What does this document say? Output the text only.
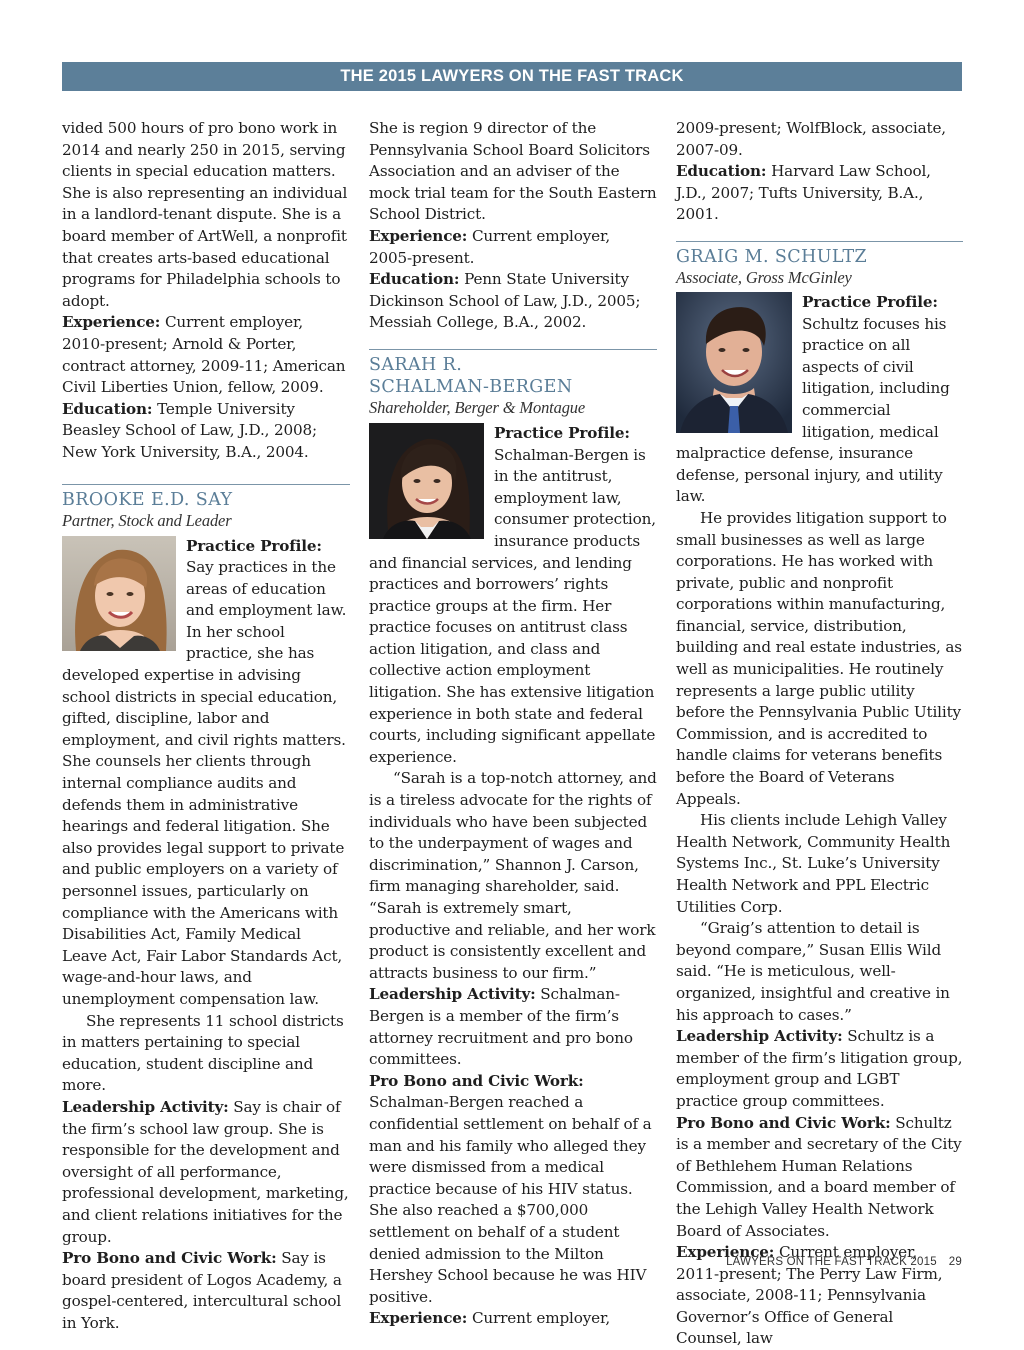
THE 2015 LAWYERS ON THE FAST TRACK

vided 500 hours of pro bono work in 2014 and nearly 250 in 2015, serving clients in special education matters. She is also representing an individual in a landlord-tenant dispute. She is a board member of ArtWell, a nonprofit that creates arts-based educational programs for Philadelphia schools to adopt.

Experience: Current employer, 2010-present; Arnold & Porter, contract attorney, 2009-11; American Civil Liberties Union, fellow, 2009.

Education: Temple University Beasley School of Law, J.D., 2008; New York University, B.A., 2004.

BROOKE E.D. SAY
Partner, Stock and Leader

Practice Profile: Say practices in the areas of education and employment law. In her school practice, she has developed expertise in advising school districts in special education, gifted, discipline, labor and employment, and civil rights matters. She counsels her clients through internal compliance audits and defends them in administrative hearings and federal litigation. She also provides legal support to private and public employers on a variety of personnel issues, particularly on compliance with the Americans with Disabilities Act, Family Medical Leave Act, Fair Labor Standards Act, wage-and-hour laws, and unemployment compensation law.

She represents 11 school districts in matters pertaining to special education, student discipline and more.

Leadership Activity: Say is chair of the firm’s school law group. She is responsible for the development and oversight of all performance, professional development, marketing, and client relations initiatives for the group.

Pro Bono and Civic Work: Say is board president of Logos Academy, a gospel-centered, intercultural school in York.

She is region 9 director of the Pennsylvania School Board Solicitors Association and an adviser of the mock trial team for the South Eastern School District.

Experience: Current employer, 2005-present.

Education: Penn State University Dickinson School of Law, J.D., 2005; Messiah College, B.A., 2002.

SARAH R.
SCHALMAN-BERGEN
Shareholder, Berger & Montague

Practice Profile: Schalman-Bergen is in the antitrust, employment law, consumer protection, insurance products and financial services, and lending practices and borrowers’ rights practice groups at the firm. Her practice focuses on antitrust class action litigation, and class and collective action employment litigation. She has extensive litigation experience in both state and federal courts, including significant appellate experience.

“Sarah is a top-notch attorney, and is a tireless advocate for the rights of individuals who have been subjected to the underpayment of wages and discrimination,” Shannon J. Carson, firm managing shareholder, said. “Sarah is extremely smart, productive and reliable, and her work product is consistently excellent and attracts business to our firm.”

Leadership Activity: Schalman-Bergen is a member of the firm’s attorney recruitment and pro bono committees.

Pro Bono and Civic Work: Schalman-Bergen reached a confidential settlement on behalf of a man and his family who alleged they were dismissed from a medical practice because of his HIV status. She also reached a $700,000 settlement on behalf of a student denied admission to the Milton Hershey School because he was HIV positive.

Experience: Current employer,

2009-present; WolfBlock, associate, 2007-09.

Education: Harvard Law School, J.D., 2007; Tufts University, B.A., 2001.

GRAIG M. SCHULTZ
Associate, Gross McGinley

Practice Profile: Schultz focuses his practice on all aspects of civil litigation, including commercial litigation, medical malpractice defense, insurance defense, personal injury, and utility law.

He provides litigation support to small businesses as well as large corporations. He has worked with private, public and nonprofit corporations within manufacturing, financial, service, distribution, building and real estate industries, as well as municipalities. He routinely represents a large public utility before the Pennsylvania Public Utility Commission, and is accredited to handle claims for veterans benefits before the Board of Veterans Appeals.

His clients include Lehigh Valley Health Network, Community Health Systems Inc., St. Luke’s University Health Network and PPL Electric Utilities Corp.

“Graig’s attention to detail is beyond compare,” Susan Ellis Wild said. “He is meticulous, well-organized, insightful and creative in his approach to cases.”

Leadership Activity: Schultz is a member of the firm’s litigation group, employment group and LGBT practice group committees.

Pro Bono and Civic Work: Schultz is a member and secretary of the City of Bethlehem Human Relations Commission, and a board member of the Lehigh Valley Health Network Board of Associates.

Experience: Current employer, 2011-present; The Perry Law Firm, associate, 2008-11; Pennsylvania Governor’s Office of General Counsel, law

LAWYERS ON THE FAST TRACK 2015 29
